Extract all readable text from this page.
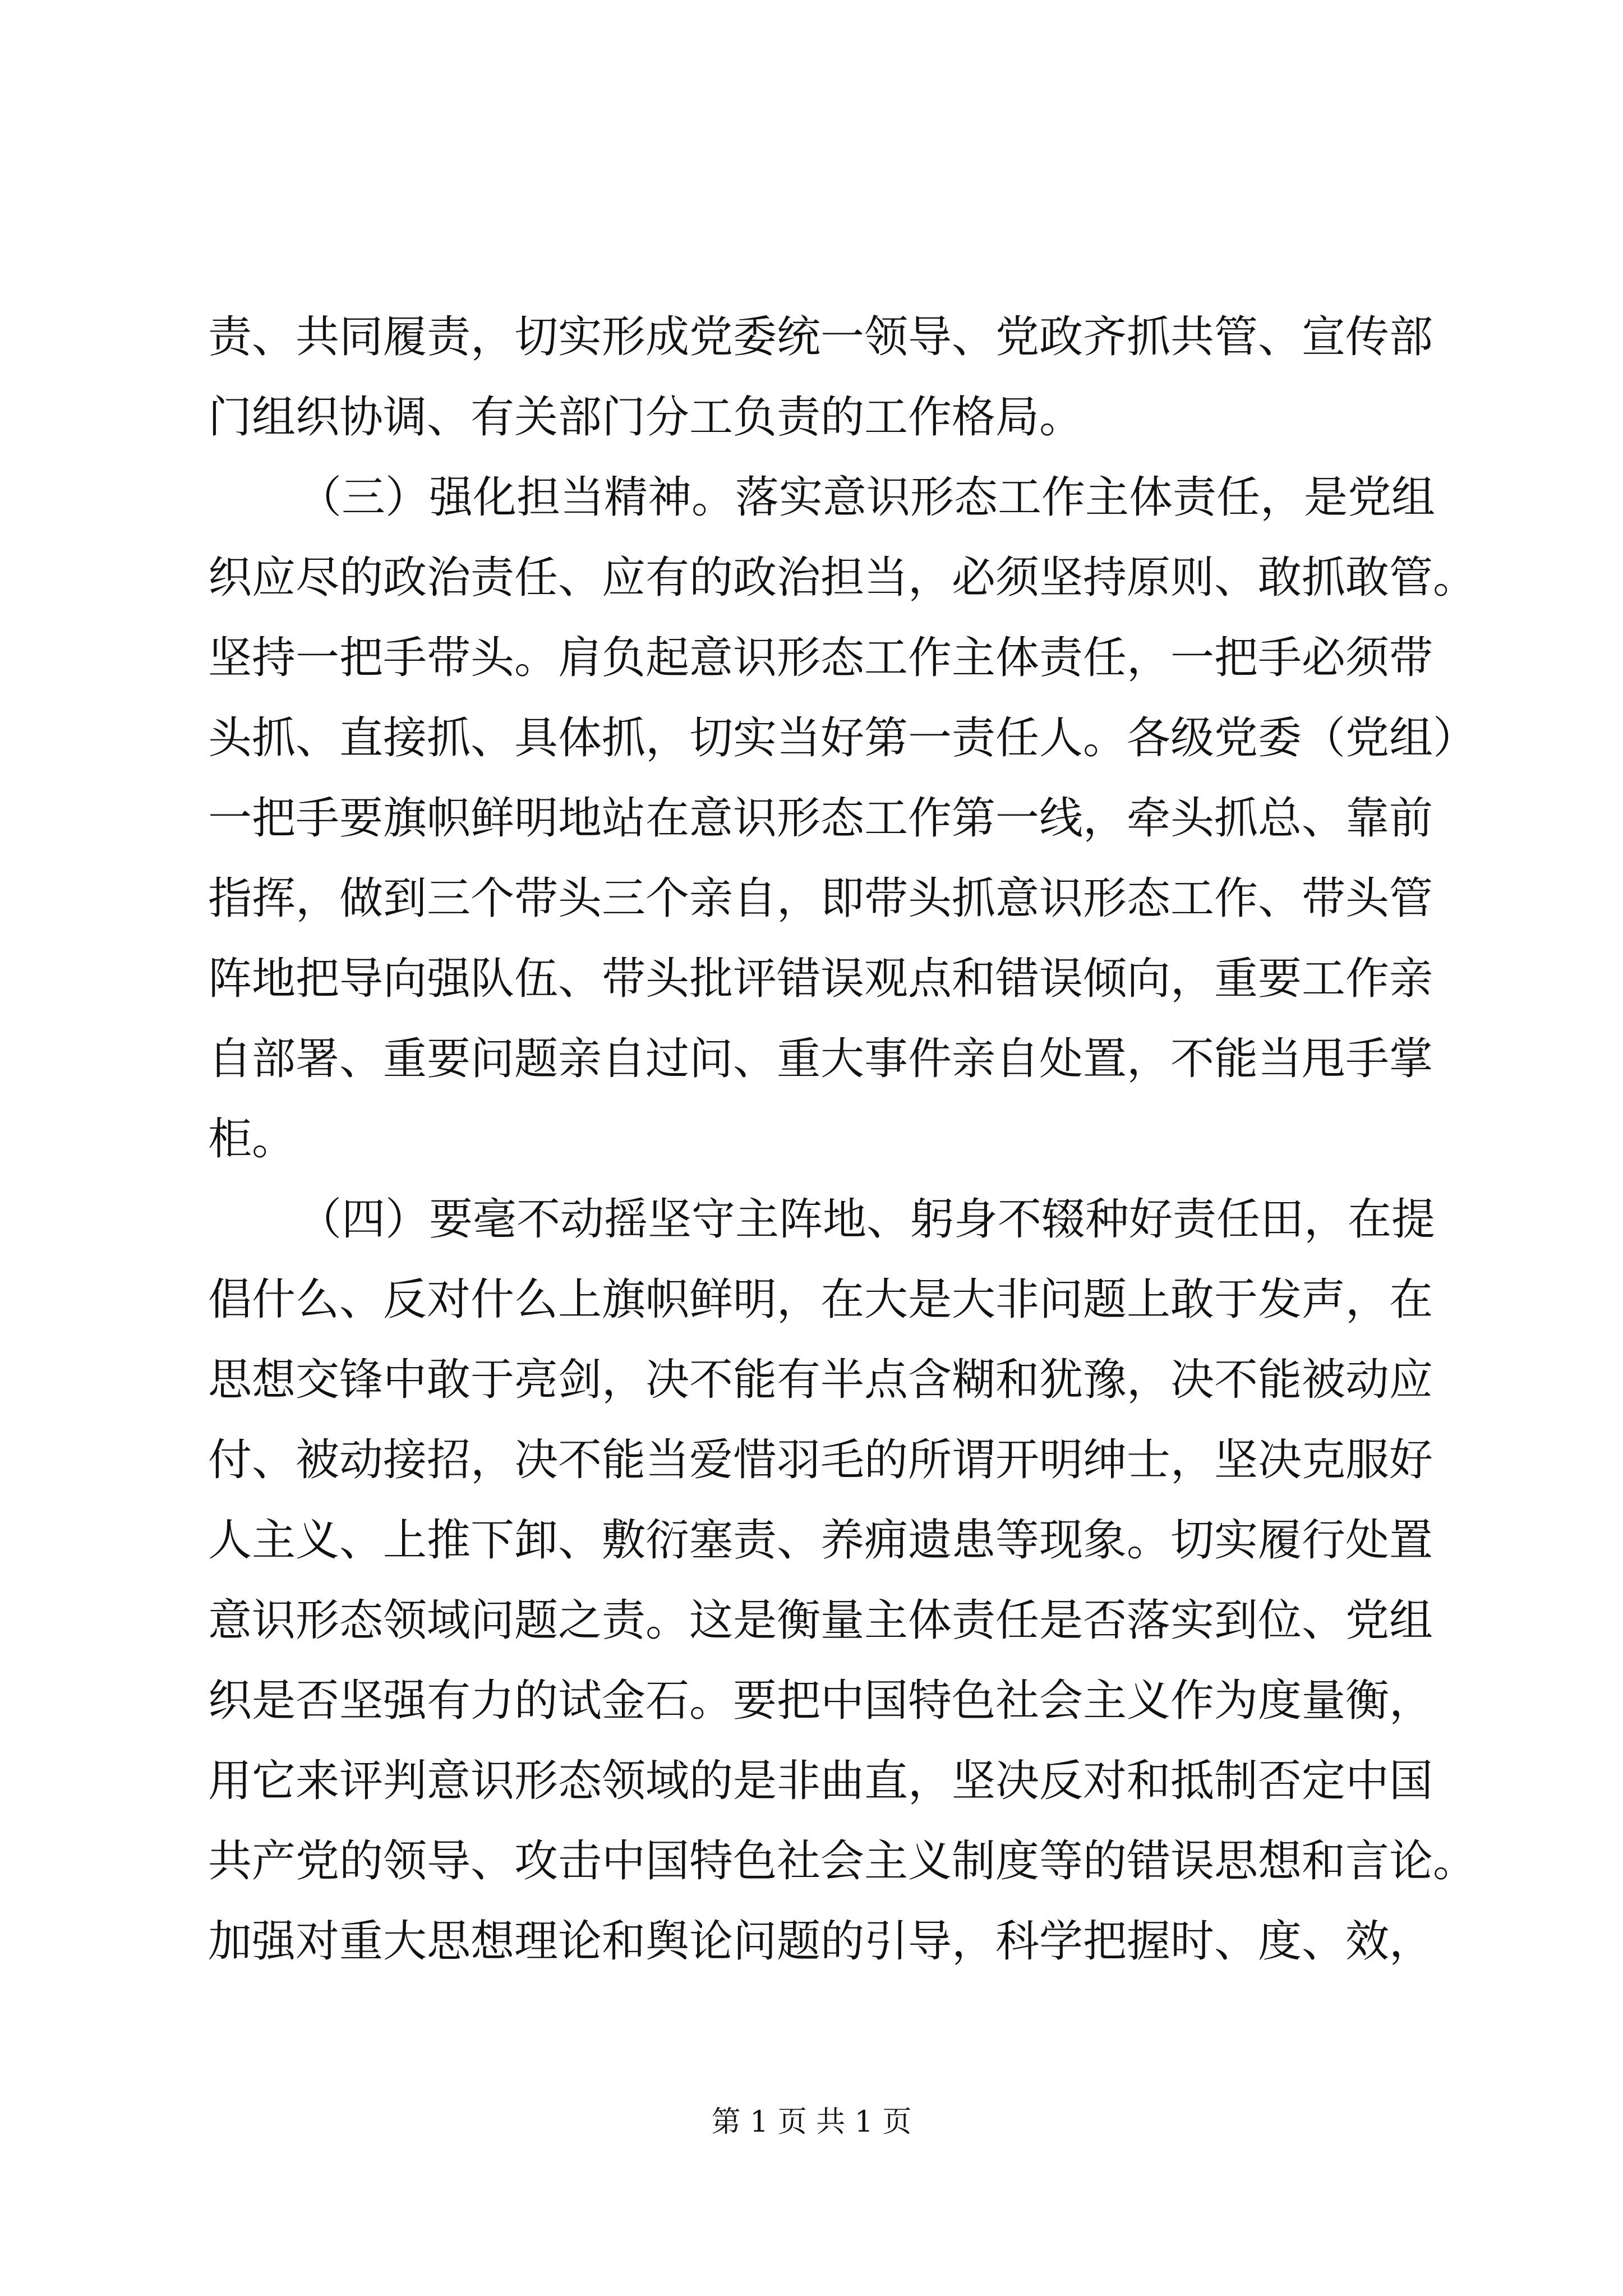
责、共同履责，切实形成党委统一领导、党政齐抓共管、宣传部
门组织协调、有关部门分工负责的工作格局。
（三）强化担当精神。落实意识形态工作主体责任，是党组
织应尽的政治责任、应有的政治担当，必须坚持原则、敢抓敢管。
坚持一把手带头。肩负起意识形态工作主体责任，一把手必须带
头抓、直接抓、具体抓，切实当好第一责任人。各级党委（党组）
一把手要旗帜鲜明地站在意识形态工作第一线，牵头抓总、靠前
指挥，做到三个带头三个亲自，即带头抓意识形态工作、带头管
阵地把导向强队伍、带头批评错误观点和错误倾向，重要工作亲
自部署、重要问题亲自过问、重大事件亲自处置，不能当甩手掌
柜。
（四）要毫不动摇坚守主阵地、躬身不辍种好责任田，在提
倡什么、反对什么上旗帜鲜明，在大是大非问题上敢于发声，在
思想交锋中敢于亮剑，决不能有半点含糊和犹豫，决不能被动应
付、被动接招，决不能当爱惜羽毛的所谓开明绅士，坚决克服好
人主义、上推下卸、敷衍塞责、养痈遗患等现象。切实履行处置
意识形态领域问题之责。这是衡量主体责任是否落实到位、党组
织是否坚强有力的试金石。要把中国特色社会主义作为度量衡，
用它来评判意识形态领域的是非曲直，坚决反对和抵制否定中国
共产党的领导、攻击中国特色社会主义制度等的错误思想和言论。
加强对重大思想理论和舆论问题的引导，科学把握时、度、效，
第 1 页 共 1 页
